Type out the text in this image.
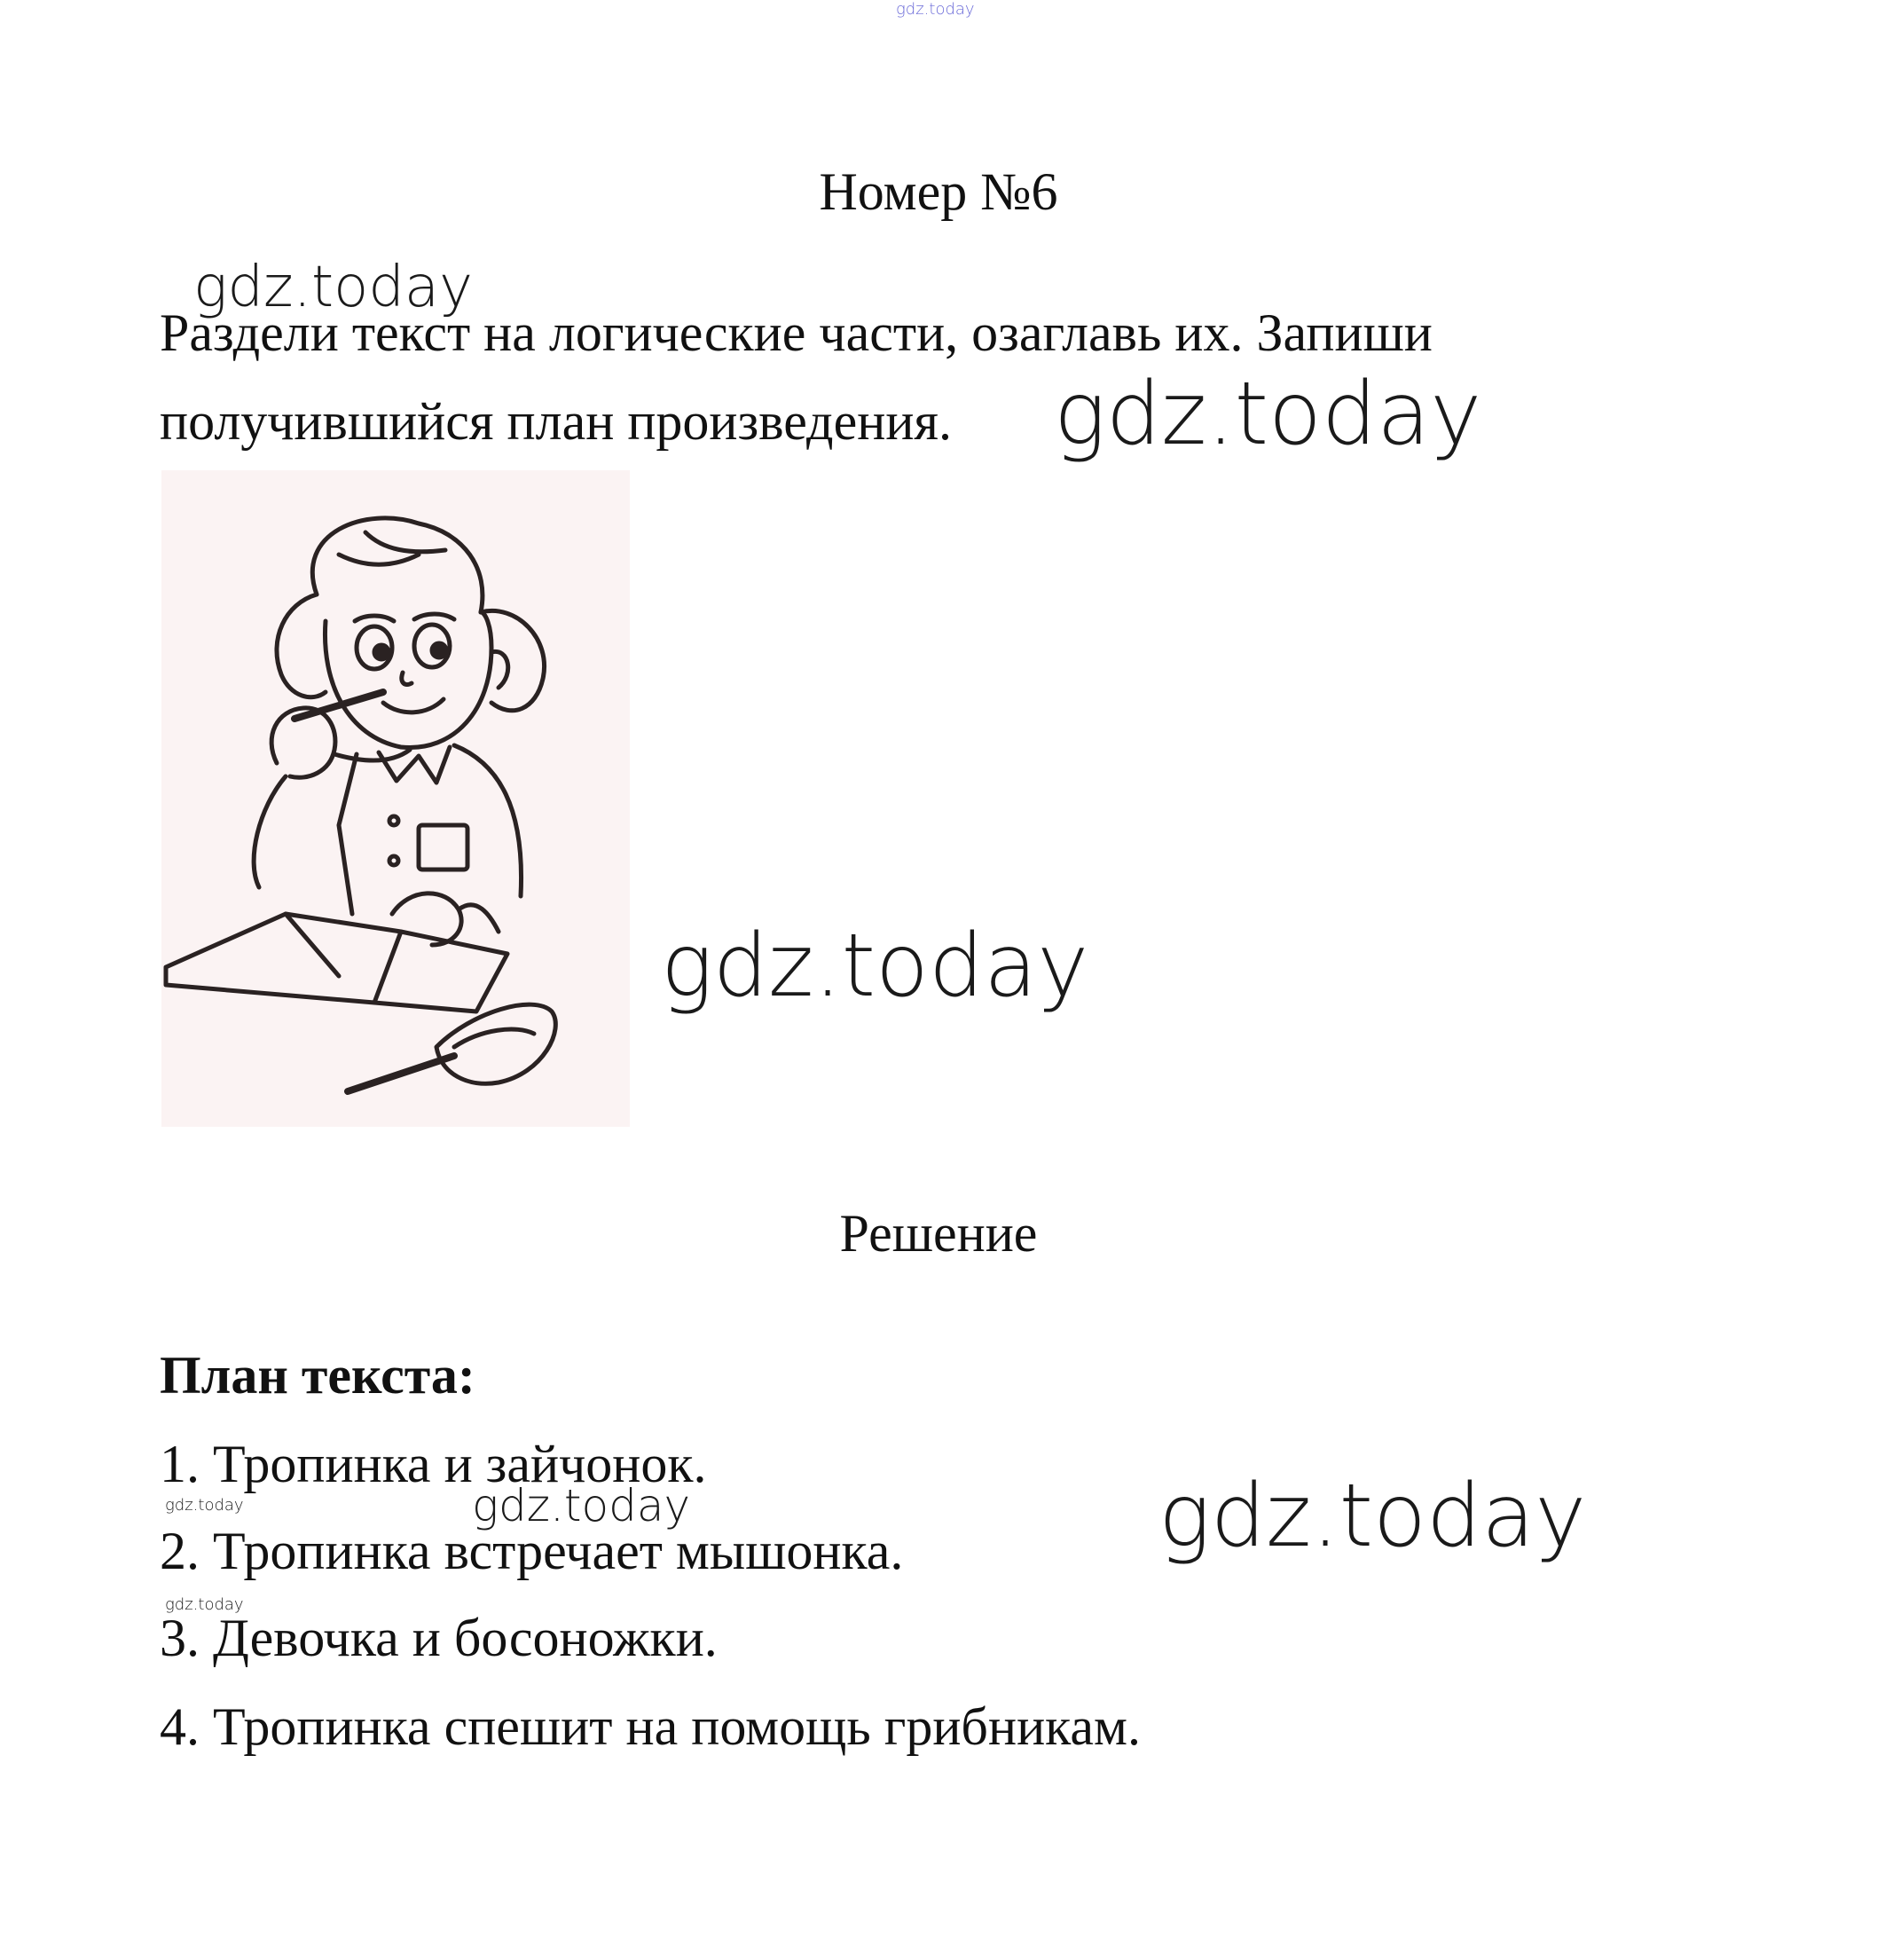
gdz.today
Номер №6
Раздели текст на логические части, озаглавь их. Запиши
получившийся план произведения.
gdz.today
gdz.today
gdz.today
Решение
План текста:
1. Тропинка и зайчонок.
gdz.today	gdz.today
2. Тропинка встречает мышонка.
gdz.today
3. Девочка и босоножки.
4. Тропинка спешит на помощь грибникам.
gdz.today
